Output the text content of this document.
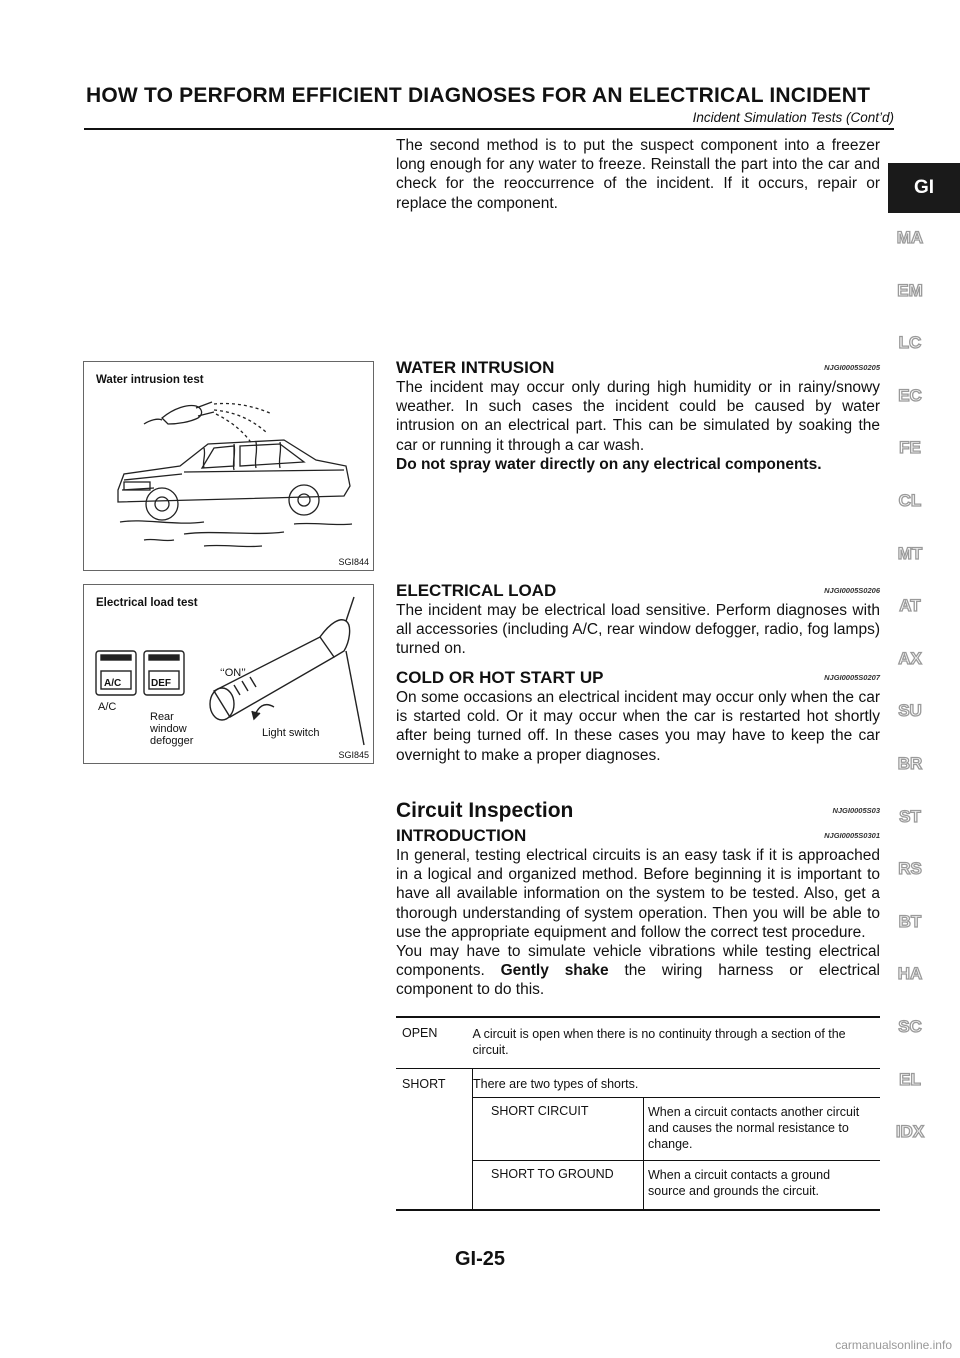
HOW TO PERFORM EFFICIENT DIAGNOSES FOR AN ELECTRICAL INCIDENT
Incident Simulation Tests (Cont’d)

The second method is to put the suspect component into a freezer long enough for any water to freeze. Reinstall the part into the car and check for the reoccurrence of the incident. If it occurs, repair or replace the component.

Water intrusion test
SGI844
WATER INTRUSION	NJGI0005S0205

The incident may occur only during high humidity or in rainy/snowy weather. In such cases the incident could be caused by water intrusion on an electrical part. This can be simulated by soaking the car or running it through a car wash.

Do not spray water directly on any electrical components.

Electrical load test
A/C	DEF
‘‘ON’’
A/C
Rear
window
defogger
Light switch
SGI845
ELECTRICAL LOAD	NJGI0005S0206

The incident may be electrical load sensitive. Perform diagnoses with all accessories (including A/C, rear window defogger, radio, fog lamps) turned on.

COLD OR HOT START UP	NJGI0005S0207

On some occasions an electrical incident may occur only when the car is started cold. Or it may occur when the car is restarted hot shortly after being turned off. In these cases you may have to keep the car overnight to make a proper diagnoses.

Circuit Inspection	NJGI0005S03
INTRODUCTION	NJGI0005S0301

In general, testing electrical circuits is an easy task if it is approached in a logical and organized method. Before beginning it is important to have all available information on the system to be tested. Also, get a thorough understanding of system operation. Then you will be able to use the appropriate equipment and follow the correct test procedure.

You may have to simulate vehicle vibrations while testing electrical components. Gently shake the wiring harness or electrical component to do this.

OPEN	A circuit is open when there is no continuity through a section of the circuit.	
SHORT	There are two types of shorts.	
	SHORT CIRCUIT	When a circuit contacts another circuit and causes the normal resistance to change.
	SHORT TO GROUND	When a circuit contacts a ground source and grounds the circuit.
GI
MA
EM
LC
EC
FE
CL
MT
AT
AX
SU
BR
ST
RS
BT
HA
SC
EL
IDX
GI-25
carmanualsonline.info
